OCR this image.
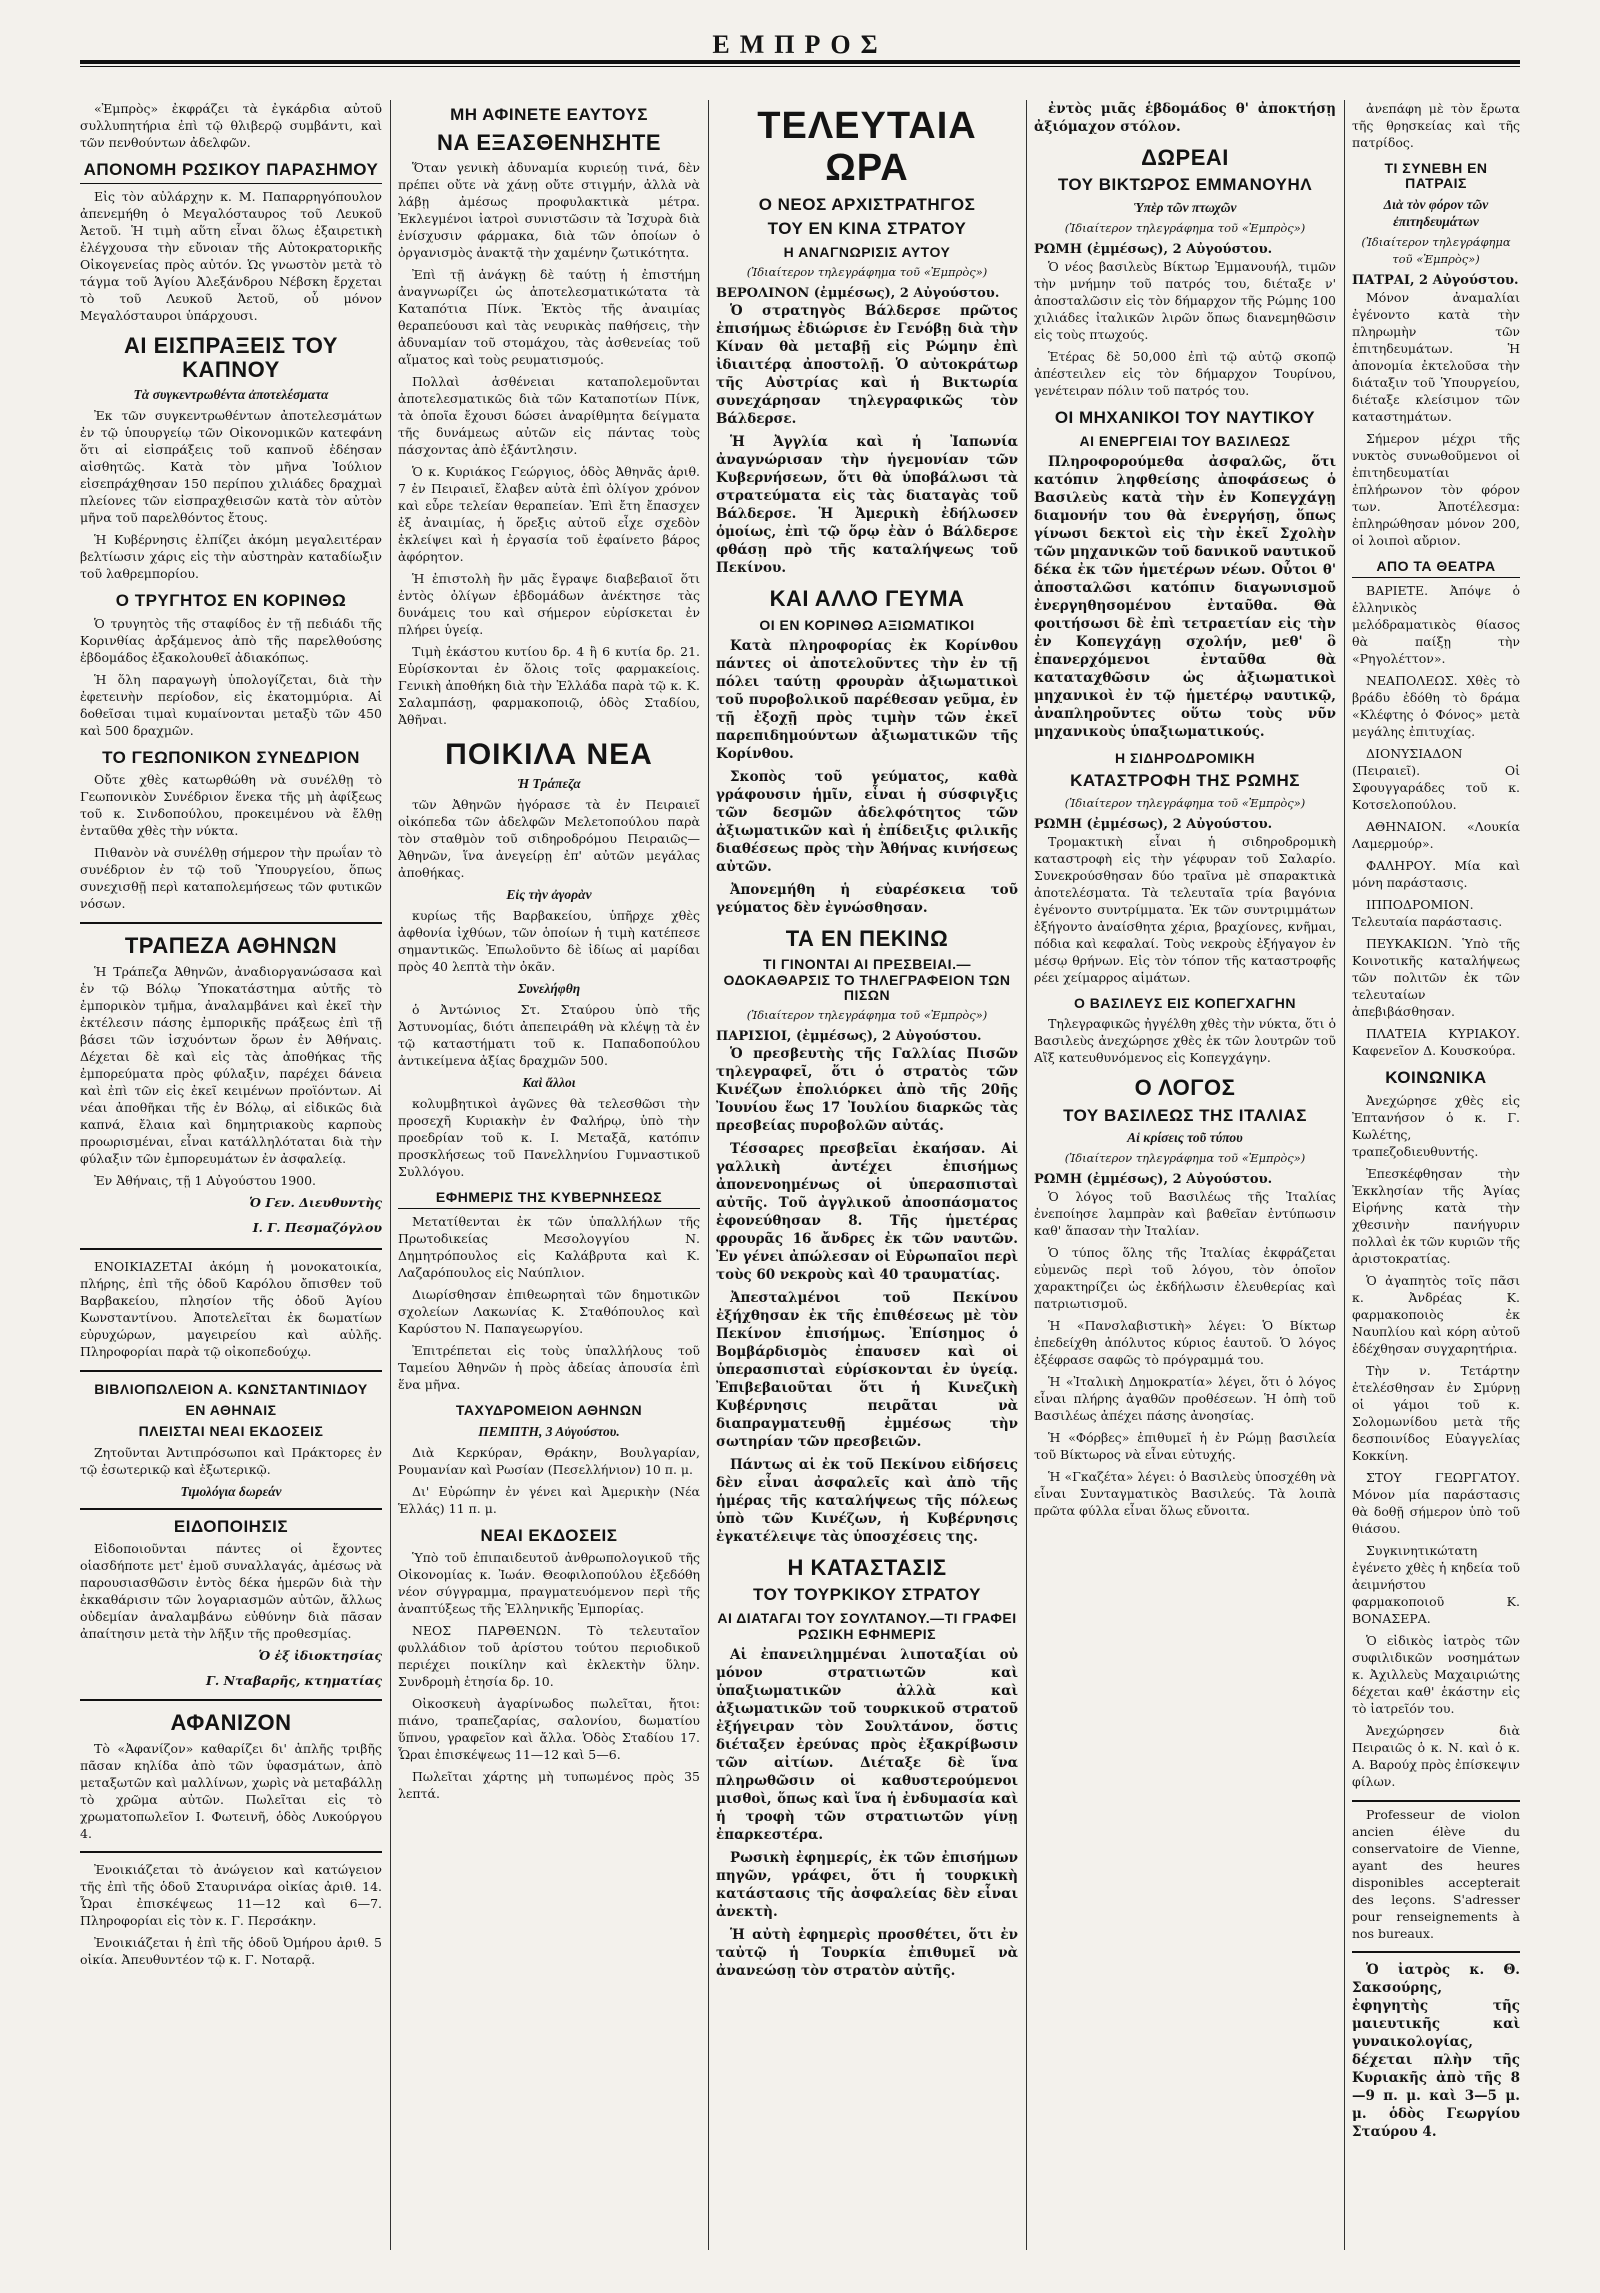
ΕΜΠΡΟΣ

«Ἐμπρὸς» ἐκφράζει τὰ ἐγκάρδια αὐτοῦ συλλυπητήρια ἐπὶ τῷ θλιβερῷ συμβάντι, καὶ τῶν πενθούντων ἀδελφῶν.

ΑΠΟΝΟΜΗ ΡΩΣΙΚΟΥ ΠΑΡΑΣΗΜΟΥ

Εἰς τὸν αὐλάρχην κ. Μ. Παπαρρηγόπουλον ἀπενεμήθη ὁ Μεγαλόσταυρος τοῦ Λευκοῦ Ἀετοῦ. Ἡ τιμὴ αὕτη εἶναι ὅλως ἐξαιρετικὴ ἐλέγχουσα τὴν εὔνοιαν τῆς Αὐτοκρατορικῆς Οἰκογενείας πρὸς αὐτόν. Ὡς γνωστὸν μετὰ τὸ τάγμα τοῦ Ἁγίου Ἀλεξάνδρου Νέβσκη ἔρχεται τὸ τοῦ Λευκοῦ Ἀετοῦ, οὗ μόνον Μεγαλόσταυροι ὑπάρχουσι.

ΑΙ ΕΙΣΠΡΑΞΕΙΣ ΤΟΥ ΚΑΠΝΟΥ
Τὰ συγκεντρωθέντα ἀποτελέσματα

Ἐκ τῶν συγκεντρωθέντων ἀποτελεσμάτων ἐν τῷ ὑπουργείῳ τῶν Οἰκονομικῶν κατεφάνη ὅτι αἱ εἰσπράξεις τοῦ καπνοῦ ἐδέησαν αἰσθητῶς. Κατὰ τὸν μῆνα Ἰούλιον εἰσεπράχθησαν 150 περίπου χιλιάδες δραχμαὶ πλείονες τῶν εἰσπραχθεισῶν κατὰ τὸν αὐτὸν μῆνα τοῦ παρελθόντος ἔτους.

Ἡ Κυβέρνησις ἐλπίζει ἀκόμη μεγαλειτέραν βελτίωσιν χάρις εἰς τὴν αὐστηρὰν καταδίωξιν τοῦ λαθρεμπορίου.

Ο ΤΡΥΓΗΤΟΣ ΕΝ ΚΟΡΙΝΘΩ

Ὁ τρυγητὸς τῆς σταφίδος ἐν τῇ πεδιάδι τῆς Κορινθίας ἀρξάμενος ἀπὸ τῆς παρελθούσης ἑβδομάδος ἐξακολουθεῖ ἀδιακόπως.

Ἡ ὅλη παραγωγὴ ὑπολογίζεται, διὰ τὴν ἐφετεινὴν περίοδον, εἰς ἑκατομμύρια. Αἱ δοθεῖσαι τιμαὶ κυμαίνονται μεταξὺ τῶν 450 καὶ 500 δραχμῶν.

ΤΟ ΓΕΩΠΟΝΙΚΟΝ ΣΥΝΕΔΡΙΟΝ

Οὔτε χθὲς κατωρθώθη νὰ συνέλθῃ τὸ Γεωπονικὸν Συνέδριον ἕνεκα τῆς μὴ ἀφίξεως τοῦ κ. Σινδοπούλου, προκειμένου νὰ ἔλθῃ ἐνταῦθα χθὲς τὴν νύκτα.

Πιθανὸν νὰ συνέλθῃ σήμερον τὴν πρωΐαν τὸ συνέδριον ἐν τῷ τοῦ Ὑπουργείου, ὅπως συνεχισθῇ περὶ καταπολεμήσεως τῶν φυτικῶν νόσων.

ΤΡΑΠΕΖΑ ΑΘΗΝΩΝ

Ἡ Τράπεζα Ἀθηνῶν, ἀναδιοργανώσασα καὶ ἐν τῷ Βόλῳ Ὑποκατάστημα αὐτῆς τὸ ἐμπορικὸν τμῆμα, ἀναλαμβάνει καὶ ἐκεῖ τὴν ἐκτέλεσιν πάσης ἐμπορικῆς πράξεως ἐπὶ τῇ βάσει τῶν ἰσχυόντων ὅρων ἐν Ἀθήναις. Δέχεται δὲ καὶ εἰς τὰς ἀποθήκας τῆς ἐμπορεύματα πρὸς φύλαξιν, παρέχει δάνεια καὶ ἐπὶ τῶν εἰς ἐκεῖ κειμένων προϊόντων. Αἱ νέαι ἀποθῆκαι τῆς ἐν Βόλῳ, αἱ εἰδικῶς διὰ καπνά, ἔλαια καὶ δημητριακοὺς καρποὺς προωρισμέναι, εἶναι κατάλληλόταται διὰ τὴν φύλαξιν τῶν ἐμπορευμάτων ἐν ἀσφαλείᾳ.

Ἐν Ἀθήναις, τῇ 1 Αὐγούστου 1900.

Ὁ Γεν. Διευθυντὴς
Ι. Γ. Πεσμαζόγλου

ΕΝΟΙΚΙΑΖΕΤΑΙ ἀκόμη ἡ μονοκατοικία, πλήρης, ἐπὶ τῆς ὁδοῦ Καρόλου ὄπισθεν τοῦ Βαρβακείου, πλησίον τῆς ὁδοῦ Ἁγίου Κωνσταντίνου. Ἀποτελεῖται ἐκ δωματίων εὐρυχώρων, μαγειρείου καὶ αὐλῆς. Πληροφορίαι παρὰ τῷ οἰκοπεδούχῳ.

ΒΙΒΛΙΟΠΩΛΕΙΟΝ Α. ΚΩΝΣΤΑΝΤΙΝΙΔΟΥ
ΕΝ ΑΘΗΝΑΙΣ
ΠΛΕΙΣΤΑΙ ΝΕΑΙ ΕΚΔΟΣΕΙΣ

Ζητοῦνται Ἀντιπρόσωποι καὶ Πράκτορες ἐν τῷ ἐσωτερικῷ καὶ ἐξωτερικῷ.

Τιμολόγια δωρεάν
ΕΙΔΟΠΟΙΗΣΙΣ

Εἰδοποιοῦνται πάντες οἱ ἔχοντες οἱασδήποτε μετ' ἐμοῦ συναλλαγάς, ἀμέσως νὰ παρουσιασθῶσιν ἐντὸς δέκα ἡμερῶν διὰ τὴν ἐκκαθάρισιν τῶν λογαριασμῶν αὐτῶν, ἄλλως οὐδεμίαν ἀναλαμβάνω εὐθύνην διὰ πᾶσαν ἀπαίτησιν μετὰ τὴν λῆξιν τῆς προθεσμίας.

Ὁ ἐξ ἰδιοκτησίας
Γ. Νταβαρῆς, κτηματίας
ΑΦΑΝΙΖΟΝ

Τὸ «Ἀφανίζον» καθαρίζει δι' ἀπλῆς τριβῆς πᾶσαν κηλίδα ἀπὸ τῶν ὑφασμάτων, ἀπὸ μεταξωτῶν καὶ μαλλίνων, χωρὶς νὰ μεταβάλλῃ τὸ χρῶμα αὐτῶν. Πωλεῖται εἰς τὸ χρωματοπωλεῖον Ι. Φωτεινῆ, ὁδὸς Λυκούργου 4.

Ἐνοικιάζεται τὸ ἀνώγειον καὶ κατώγειον τῆς ἐπὶ τῆς ὁδοῦ Σταυρινάρα οἰκίας ἀριθ. 14. Ὧραι ἐπισκέψεως 11—12 καὶ 6—7. Πληροφορίαι εἰς τὸν κ. Γ. Περσάκην.

Ἐνοικιάζεται ἡ ἐπὶ τῆς ὁδοῦ Ὀμήρου ἀριθ. 5 οἰκία. Ἀπευθυντέον τῷ κ. Γ. Νοταρᾷ.

ΜΗ ΑΦΙΝΕΤΕ ΕΑΥΤΟΥΣ
ΝΑ ΕΞΑΣΘΕΝΗΣΗΤΕ

Ὅταν γενικὴ ἀδυναμία κυριεύῃ τινά, δὲν πρέπει οὔτε νὰ χάνῃ οὔτε στιγμήν, ἀλλὰ νὰ λάβῃ ἀμέσως προφυλακτικὰ μέτρα. Ἐκλεγμένοι ἰατροὶ συνιστῶσιν τὰ Ἰσχυρὰ διὰ ἐνίσχυσιν φάρμακα, διὰ τῶν ὁποίων ὁ ὀργανισμὸς ἀνακτᾷ τὴν χαμένην ζωτικότητα.

Ἐπὶ τῇ ἀνάγκῃ δὲ ταύτῃ ἡ ἐπιστήμη ἀναγνωρίζει ὡς ἀποτελεσματικώτατα τὰ Καταπότια Πίνκ. Ἐκτὸς τῆς ἀναιμίας θεραπεύουσι καὶ τὰς νευρικὰς παθήσεις, τὴν ἀδυναμίαν τοῦ στομάχου, τὰς ἀσθενείας τοῦ αἵματος καὶ τοὺς ρευματισμούς.

Πολλαὶ ἀσθένειαι καταπολεμοῦνται ἀποτελεσματικῶς διὰ τῶν Καταποτίων Πίνκ, τὰ ὁποῖα ἔχουσι δώσει ἀναρίθμητα δείγματα τῆς δυνάμεως αὐτῶν εἰς πάντας τοὺς πάσχοντας ἀπὸ ἐξάντλησιν.

Ὁ κ. Κυριάκος Γεώργιος, ὁδὸς Ἀθηνᾶς ἀριθ. 7 ἐν Πειραιεῖ, ἔλαβεν αὐτὰ ἐπὶ ὀλίγον χρόνον καὶ εὗρε τελείαν θεραπείαν. Ἐπὶ ἔτη ἔπασχεν ἐξ ἀναιμίας, ἡ ὅρεξις αὐτοῦ εἶχε σχεδὸν ἐκλείψει καὶ ἡ ἐργασία τοῦ ἐφαίνετο βάρος ἀφόρητον.

Ἡ ἐπιστολὴ ἣν μᾶς ἔγραψε διαβεβαιοῖ ὅτι ἐντὸς ὀλίγων ἑβδομάδων ἀνέκτησε τὰς δυνάμεις του καὶ σήμερον εὑρίσκεται ἐν πλήρει ὑγείᾳ.

Τιμὴ ἑκάστου κυτίου δρ. 4 ἢ 6 κυτία δρ. 21. Εὑρίσκονται ἐν ὅλοις τοῖς φαρμακείοις. Γενικὴ ἀποθήκη διὰ τὴν Ἑλλάδα παρὰ τῷ κ. Κ. Σαλαμπάσῃ, φαρμακοποιῷ, ὁδὸς Σταδίου, Ἀθῆναι.

ΠΟΙΚΙΛΑ ΝΕΑ
Ἡ Τράπεζα

τῶν Ἀθηνῶν ἠγόρασε τὰ ἐν Πειραιεῖ οἰκόπεδα τῶν ἀδελφῶν Μελετοπούλου παρὰ τὸν σταθμὸν τοῦ σιδηροδρόμου Πειραιῶς—Ἀθηνῶν, ἵνα ἀνεγείρῃ ἐπ' αὐτῶν μεγάλας ἀποθήκας.

Εἰς τὴν ἀγορὰν

κυρίως τῆς Βαρβακείου, ὑπῆρχε χθὲς ἀφθονία ἰχθύων, τῶν ὁποίων ἡ τιμὴ κατέπεσε σημαντικῶς. Ἐπωλοῦντο δὲ ἰδίως αἱ μαρίδαι πρὸς 40 λεπτὰ τὴν ὀκᾶν.

Συνελήφθη

ὁ Ἀντώνιος Στ. Σταύρου ὑπὸ τῆς Ἀστυνομίας, διότι ἀπεπειράθη νὰ κλέψῃ τὰ ἐν τῷ καταστήματι τοῦ κ. Παπαδοπούλου ἀντικείμενα ἀξίας δραχμῶν 500.

Καὶ ἄλλοι

κολυμβητικοὶ ἀγῶνες θὰ τελεσθῶσι τὴν προσεχῆ Κυριακὴν ἐν Φαλήρῳ, ὑπὸ τὴν προεδρίαν τοῦ κ. Ι. Μεταξᾶ, κατόπιν προσκλήσεως τοῦ Πανελληνίου Γυμναστικοῦ Συλλόγου.

ΕΦΗΜΕΡΙΣ ΤΗΣ ΚΥΒΕΡΝΗΣΕΩΣ

Μετατίθενται ἐκ τῶν ὑπαλλήλων τῆς Πρωτοδικείας Μεσολογγίου Ν. Δημητρόπουλος εἰς Καλάβρυτα καὶ Κ. Λαζαρόπουλος εἰς Ναύπλιον.

Διωρίσθησαν ἐπιθεωρηταὶ τῶν δημοτικῶν σχολείων Λακωνίας Κ. Σταθόπουλος καὶ Καρύστου Ν. Παπαγεωργίου.

Ἐπιτρέπεται εἰς τοὺς ὑπαλλήλους τοῦ Ταμείου Ἀθηνῶν ἡ πρὸς ἀδείας ἀπουσία ἐπὶ ἕνα μῆνα.

ΤΑΧΥΔΡΟΜΕΙΟΝ ΑΘΗΝΩΝ
ΠΕΜΠΤΗ, 3 Αὐγούστου.

Διὰ Κερκύραν, Θράκην, Βουλγαρίαν, Ρουμανίαν καὶ Ρωσίαν (Πεσελλήνιον) 10 π. μ.

Δι' Εὐρώπην ἐν γένει καὶ Ἀμερικὴν (Νέα Ἑλλάς) 11 π. μ.

ΝΕΑΙ ΕΚΔΟΣΕΙΣ

Ὑπὸ τοῦ ἐπιπαιδευτοῦ ἀνθρωπολογικοῦ τῆς Οἰκονομίας κ. Ἰωάν. Θεοφιλοπούλου ἐξεδόθη νέον σύγγραμμα, πραγματευόμενον περὶ τῆς ἀναπτύξεως τῆς Ἑλληνικῆς Ἐμπορίας.

ΝΕΟΣ ΠΑΡΘΕΝΩΝ. Τὸ τελευταῖον φυλλάδιον τοῦ ἀρίστου τούτου περιοδικοῦ περιέχει ποικίλην καὶ ἐκλεκτὴν ὕλην. Συνδρομὴ ἐτησία δρ. 10.

Οἰκοσκευὴ ἀγαρίνωδος πωλεῖται, ἤτοι: πιάνο, τραπεζαρίας, σαλονίου, δωματίου ὕπνου, γραφεῖον καὶ ἄλλα. Ὁδὸς Σταδίου 17. Ὧραι ἐπισκέψεως 11—12 καὶ 5—6.

Πωλεῖται χάρτης μὴ τυπωμένος πρὸς 35 λεπτά.

ΤΕΛΕΥΤΑΙΑ ΩΡΑ
Ο ΝΕΟΣ ΑΡΧΙΣΤΡΑΤΗΓΟΣ
ΤΟΥ ΕΝ ΚΙΝΑ ΣΤΡΑΤΟΥ
Η ΑΝΑΓΝΩΡΙΣΙΣ ΑΥΤΟΥ
(Ἰδιαίτερον τηλεγράφημα τοῦ «Ἐμπρὸς»)
ΒΕΡΟΛΙΝΟΝ (ἐμμέσως), 2 Αὐγούστου.

Ὁ στρατηγὸς Βάλδερσε πρῶτος ἐπισήμως ἐδιώρισε ἐν Γενόβῃ διὰ τὴν Κίναν θὰ μεταβῇ εἰς Ρώμην ἐπὶ ἰδιαιτέρᾳ ἀποστολῇ. Ὁ αὐτοκράτωρ τῆς Αὐστρίας καὶ ἡ Βικτωρία συνεχάρησαν τηλεγραφικῶς τὸν Βάλδερσε.

Ἡ Ἀγγλία καὶ ἡ Ἰαπωνία ἀναγνώρισαν τὴν ἡγεμονίαν τῶν Κυβερνήσεων, ὅτι θὰ ὑποβάλωσι τὰ στρατεύματα εἰς τὰς διαταγὰς τοῦ Βάλδερσε. Ἡ Ἀμερικὴ ἐδήλωσεν ὁμοίως, ἐπὶ τῷ ὅρῳ ἐὰν ὁ Βάλδερσε φθάσῃ πρὸ τῆς καταλήψεως τοῦ Πεκίνου.

ΚΑΙ ΑΛΛΟ ΓΕΥΜΑ
ΟΙ ΕΝ ΚΟΡΙΝΘΩ ΑΞΙΩΜΑΤΙΚΟΙ

Κατὰ πληροφορίας ἐκ Κορίνθου πάντες οἱ ἀποτελοῦντες τὴν ἐν τῇ πόλει ταύτῃ φρουρὰν ἀξιωματικοὶ τοῦ πυροβολικοῦ παρέθεσαν γεῦμα, ἐν τῇ ἐξοχῇ πρὸς τιμὴν τῶν ἐκεῖ παρεπιδημούντων ἀξιωματικῶν τῆς Κορίνθου.

Σκοπὸς τοῦ γεύματος, καθὰ γράφουσιν ἡμῖν, εἶναι ἡ σύσφιγξις τῶν δεσμῶν ἀδελφότητος τῶν ἀξιωματικῶν καὶ ἡ ἐπίδειξις φιλικῆς διαθέσεως πρὸς τὴν Ἀθήνας κινήσεως αὐτῶν.

Ἀπονεμήθη ἡ εὐαρέσκεια τοῦ γεύματος δὲν ἐγνώσθησαν.

ΤΑ ΕΝ ΠΕΚΙΝΩ
ΤΙ ΓΙΝΟΝΤΑΙ ΑΙ ΠΡΕΣΒΕΙΑΙ.—ΟΔΟΚΑΘΑΡΣΙΣ ΤΟ ΤΗΛΕΓΡΑΦΕΙΟΝ ΤΩΝ ΠΙΣΩΝ
(Ἰδιαίτερον τηλεγράφημα τοῦ «Ἐμπρὸς»)
ΠΑΡΙΣΙΟΙ, (ἐμμέσως), 2 Αὐγούστου.

Ὁ πρεσβευτὴς τῆς Γαλλίας Πισῶν τηλεγραφεῖ, ὅτι ὁ στρατὸς τῶν Κινέζων ἐπολιόρκει ἀπὸ τῆς 20ῆς Ἰουνίου ἕως 17 Ἰουλίου διαρκῶς τὰς πρεσβείας πυροβολῶν αὐτάς.

Τέσσαρες πρεσβεῖαι ἐκαήσαν. Αἱ γαλλικὴ ἀντέχει ἐπισήμως ἀπονενοημένως οἱ ὑπερασπισταὶ αὐτῆς. Τοῦ ἀγγλικοῦ ἀποσπάσματος ἐφονεύθησαν 8. Τῆς ἡμετέρας φρουρᾶς 16 ἄνδρες ἐκ τῶν ναυτῶν. Ἐν γένει ἀπώλεσαν οἱ Εὐρωπαῖοι περὶ τοὺς 60 νεκροὺς καὶ 40 τραυματίας.

Ἀπεσταλμένοι τοῦ Πεκίνου ἐξήχθησαν ἐκ τῆς ἐπιθέσεως μὲ τὸν Πεκίνον ἐπισήμως. Ἐπίσημος ὁ Βομβάρδισμὸς ἐπαυσεν καὶ οἱ ὑπερασπισταὶ εὑρίσκονται ἐν ὑγείᾳ. Ἐπιβεβαιοῦται ὅτι ἡ Κινεζικὴ Κυβέρνησις πειρᾶται νὰ διαπραγματευθῇ ἐμμέσως τὴν σωτηρίαν τῶν πρεσβειῶν.

Πάντως αἱ ἐκ τοῦ Πεκίνου εἰδήσεις δὲν εἶναι ἀσφαλεῖς καὶ ἀπὸ τῆς ἡμέρας τῆς καταλήψεως τῆς πόλεως ὑπὸ τῶν Κινέζων, ἡ Κυβέρνησις ἐγκατέλειψε τὰς ὑποσχέσεις της.

Η ΚΑΤΑΣΤΑΣΙΣ
ΤΟΥ ΤΟΥΡΚΙΚΟΥ ΣΤΡΑΤΟΥ
ΑΙ ΔΙΑΤΑΓΑΙ ΤΟΥ ΣΟΥΛΤΑΝΟΥ.—ΤΙ ΓΡΑΦΕΙ ΡΩΣΙΚΗ ΕΦΗΜΕΡΙΣ

Αἱ ἐπανειλημμέναι λιποταξίαι οὐ μόνον στρατιωτῶν καὶ ὑπαξιωματικῶν ἀλλὰ καὶ ἀξιωματικῶν τοῦ τουρκικοῦ στρατοῦ ἐξήγειραν τὸν Σουλτάνον, ὅστις διέταξεν ἐρεύνας πρὸς ἐξακρίβωσιν τῶν αἰτίων. Διέταξε δὲ ἵνα πληρωθῶσιν οἱ καθυστερούμενοι μισθοὶ, ὅπως καὶ ἵνα ἡ ἐνδυμασία καὶ ἡ τροφὴ τῶν στρατιωτῶν γίνῃ ἐπαρκεστέρα.

Ρωσικὴ ἐφημερίς, ἐκ τῶν ἐπισήμων πηγῶν, γράφει, ὅτι ἡ τουρκικὴ κατάστασις τῆς ἀσφαλείας δὲν εἶναι ἀνεκτὴ.

Ἡ αὐτὴ ἐφημερὶς προσθέτει, ὅτι ἐν ταὐτῷ ἡ Τουρκία ἐπιθυμεῖ νὰ ἀνανεώσῃ τὸν στρατὸν αὐτῆς.

ἐντὸς μιᾶς ἑβδομάδος θ' ἀποκτήσῃ ἀξιόμαχον στόλον.

ΔΩΡΕΑΙ
ΤΟΥ ΒΙΚΤΩΡΟΣ ΕΜΜΑΝΟΥΗΛ
Ὑπὲρ τῶν πτωχῶν
(Ἰδιαίτερον τηλεγράφημα τοῦ «Ἐμπρὸς»)
ΡΩΜΗ (ἐμμέσως), 2 Αὐγούστου.

Ὁ νέος βασιλεὺς Βίκτωρ Ἐμμανουήλ, τιμῶν τὴν μνήμην τοῦ πατρός του, διέταξε ν' ἀποσταλῶσιν εἰς τὸν δήμαρχον τῆς Ρώμης 100 χιλιάδες ἰταλικῶν λιρῶν ὅπως διανεμηθῶσιν εἰς τοὺς πτωχούς.

Ἑτέρας δὲ 50,000 ἐπὶ τῷ αὐτῷ σκοπῷ ἀπέστειλεν εἰς τὸν δήμαρχον Τουρίνου, γενέτειραν πόλιν τοῦ πατρός του.

ΟΙ ΜΗΧΑΝΙΚΟΙ ΤΟΥ ΝΑΥΤΙΚΟΥ
ΑΙ ΕΝΕΡΓΕΙΑΙ ΤΟΥ ΒΑΣΙΛΕΩΣ

Πληροφορούμεθα ἀσφαλῶς, ὅτι κατόπιν ληφθείσης ἀποφάσεως ὁ Βασιλεὺς κατὰ τὴν ἐν Κοπεγχάγῃ διαμονήν του θὰ ἐνεργήσῃ, ὅπως γίνωσι δεκτοὶ εἰς τὴν ἐκεῖ Σχολὴν τῶν μηχανικῶν τοῦ δανικοῦ ναυτικοῦ δέκα ἐκ τῶν ἡμετέρων νέων. Οὗτοι θ' ἀποσταλῶσι κατόπιν διαγωνισμοῦ ἐνεργηθησομένου ἐνταῦθα. Θὰ φοιτήσωσι δὲ ἐπὶ τετραετίαν εἰς τὴν ἐν Κοπεγχάγῃ σχολήν, μεθ' ὃ ἐπανερχόμενοι ἐνταῦθα θὰ καταταχθῶσιν ὡς ἀξιωματικοὶ μηχανικοὶ ἐν τῷ ἡμετέρῳ ναυτικῷ, ἀναπληροῦντες οὕτω τοὺς νῦν μηχανικοὺς ὑπαξιωματικούς.

Η ΣΙΔΗΡΟΔΡΟΜΙΚΗ
ΚΑΤΑΣΤΡΟΦΗ ΤΗΣ ΡΩΜΗΣ
(Ἰδιαίτερον τηλεγράφημα τοῦ «Ἐμπρὸς»)
ΡΩΜΗ (ἐμμέσως), 2 Αὐγούστου.

Τρομακτικὴ εἶναι ἡ σιδηροδρομικὴ καταστροφὴ εἰς τὴν γέφυραν τοῦ Σαλαρίο. Συνεκρούσθησαν δύο τραῖνα μὲ σπαρακτικὰ ἀποτελέσματα. Τὰ τελευταῖα τρία βαγόνια ἐγένοντο συντρίμματα. Ἐκ τῶν συντριμμάτων ἐξήγοντο ἀναίσθητα χέρια, βραχίονες, κνῆμαι, πόδια καὶ κεφαλαί. Τοὺς νεκροὺς ἐξήγαγον ἐν μέσῳ θρήνων. Εἰς τὸν τόπον τῆς καταστροφῆς ρέει χείμαρρος αἱμάτων.

Ο ΒΑΣΙΛΕΥΣ ΕΙΣ ΚΟΠΕΓΧΑΓΗΝ

Τηλεγραφικῶς ἠγγέλθη χθὲς τὴν νύκτα, ὅτι ὁ Βασιλεὺς ἀνεχώρησε χθὲς ἐκ τῶν λουτρῶν τοῦ Αἲξ κατευθυνόμενος εἰς Κοπεγχάγην.

Ο ΛΟΓΟΣ
ΤΟΥ ΒΑΣΙΛΕΩΣ ΤΗΣ ΙΤΑΛΙΑΣ
Αἱ κρίσεις τοῦ τύπου
(Ἰδιαίτερον τηλεγράφημα τοῦ «Ἐμπρὸς»)
ΡΩΜΗ (ἐμμέσως), 2 Αὐγούστου.

Ὁ λόγος τοῦ Βασιλέως τῆς Ἰταλίας ἐνεποίησε λαμπρὰν καὶ βαθεῖαν ἐντύπωσιν καθ' ἅπασαν τὴν Ἰταλίαν.

Ὁ τύπος ὅλης τῆς Ἰταλίας ἐκφράζεται εὐμενῶς περὶ τοῦ λόγου, τὸν ὁποῖον χαρακτηρίζει ὡς ἐκδήλωσιν ἐλευθερίας καὶ πατριωτισμοῦ.

Ἡ «Πανσλαβιστικὴ» λέγει: Ὁ Βίκτωρ ἐπεδείχθη ἀπόλυτος κύριος ἑαυτοῦ. Ὁ λόγος ἐξέφρασε σαφῶς τὸ πρόγραμμά του.

Ἡ «Ἰταλικὴ Δημοκρατία» λέγει, ὅτι ὁ λόγος εἶναι πλήρης ἀγαθῶν προθέσεων. Ἡ ὁπὴ τοῦ Βασιλέως ἀπέχει πάσης ἀνοησίας.

Ἡ «Φόρβες» ἐπιθυμεῖ ἡ ἐν Ρώμῃ βασιλεία τοῦ Βίκτωρος νὰ εἶναι εὐτυχής.

Ἡ «Γκαζέτα» λέγει: ὁ Βασιλεὺς ὑποσχέθη νὰ εἶναι Συνταγματικὸς Βασιλεύς. Τὰ λοιπὰ πρῶτα φύλλα εἶναι ὅλως εὔνοιτα.

ἀνεπάφη μὲ τὸν ἔρωτα τῆς θρησκείας καὶ τῆς πατρίδος.

ΤΙ ΣΥΝΕΒΗ ΕΝ ΠΑΤΡΑΙΣ
Διὰ τὸν φόρον τῶν ἐπιτηδευμάτων
(Ἰδιαίτερον τηλεγράφημα τοῦ «Ἐμπρὸς»)
ΠΑΤΡΑΙ, 2 Αὐγούστου.

Μόνον ἀναμαλίαι ἐγένοντο κατὰ τὴν πληρωμὴν τῶν ἐπιτηδευμάτων. Ἡ ἀπονομία ἐκτελοῦσα τὴν διάταξιν τοῦ Ὑπουργείου, διέταξε κλείσιμον τῶν καταστημάτων.

Σήμερον μέχρι τῆς νυκτὸς συνωθοῦμενοι οἱ ἐπιτηδευματίαι ἐπλήρωνον τὸν φόρον των. Ἀποτέλεσμα: ἐπληρώθησαν μόνον 200, οἱ λοιποὶ αὔριον.

ΑΠΟ ΤΑ ΘΕΑΤΡΑ

ΒΑΡΙΕΤΕ. Ἀπόψε ὁ ἑλληνικὸς μελόδραματικὸς θίασος θὰ παίξῃ τὴν «Ρηγολέττον».

ΝΕΑΠΟΛΕΩΣ. Χθὲς τὸ βράδυ ἐδόθη τὸ δράμα «Κλέφτης ὁ Φόνος» μετὰ μεγάλης ἐπιτυχίας.

ΔΙΟΝΥΣΙΑΔΟΝ (Πειραιεῖ). Οἱ Σφουγγαράδες τοῦ κ. Κοτσελοπούλου.

ΑΘΗΝΑΙΟΝ. «Λουκία Λαμερμούρ».

ΦΑΛΗΡΟΥ. Μία καὶ μόνη παράστασις.

ΙΠΠΟΔΡΟΜΙΟΝ. Τελευταία παράστασις.

ΠΕΥΚΑΚΙΩΝ. Ὑπὸ τῆς Κοινοτικῆς καταλήψεως τῶν πολιτῶν ἐκ τῶν τελευταίων ἀπεβιβάσθησαν.

ΠΛΑΤΕΙΑ ΚΥΡΙΑΚΟΥ. Καφενεῖον Δ. Κουσκούρα.

ΚΟΙΝΩΝΙΚΑ

Ἀνεχώρησε χθὲς εἰς Ἐπτανήσον ὁ κ. Γ. Κωλέτης, τραπεζοδιευθυντής.

Ἐπεσκέφθησαν τὴν Ἐκκλησίαν τῆς Ἁγίας Εἰρήνης κατὰ τὴν χθεσινὴν πανήγυριν πολλαὶ ἐκ τῶν κυριῶν τῆς ἀριστοκρατίας.

Ὁ ἀγαπητὸς τοῖς πᾶσι κ. Ἀνδρέας Κ. φαρμακοποιὸς ἐκ Ναυπλίου καὶ κόρη αὐτοῦ ἐδέχθησαν συγχαρητήρια.

Τὴν ν. Τετάρτην ἐτελέσθησαν ἐν Σμύρνῃ οἱ γάμοι τοῦ κ. Σολομωνίδου μετὰ τῆς δεσποινίδος Εὐαγγελίας Κοκκίνη.

ΣΤΟΥ ΓΕΩΡΓΑΤΟΥ. Μόνον μία παράστασις θὰ δοθῇ σήμερον ὑπὸ τοῦ θιάσου.

Συγκινητικώτατη ἐγένετο χθὲς ἡ κηδεία τοῦ ἀειμνήστου φαρμακοποιοῦ Κ. ΒΟΝΑΣΕΡΑ.

Ὁ εἰδικὸς ἰατρὸς τῶν συφιλιδικῶν νοσημάτων κ. Ἀχιλλεὺς Μαχαιριώτης δέχεται καθ' ἑκάστην εἰς τὸ ἰατρεῖόν του.

Ἀνεχώρησεν διὰ Πειραιῶς ὁ κ. Ν. καὶ ὁ κ. Α. Βαρούχ πρὸς ἐπίσκεψιν φίλων.

Professeur de violon ancien élève du conservatoire de Vienne, ayant des heures disponibles accepterait des leçons. S'adresser pour renseignements à nos bureaux.

Ὁ ἰατρὸς κ. Θ. Σακσούρης, ἐφηγητὴς τῆς μαιευτικῆς καὶ γυναικολογίας, δέχεται πλὴν τῆς Κυριακῆς ἀπὸ τῆς 8—9 π. μ. καὶ 3—5 μ. μ. ὁδὸς Γεωργίου Σταύρου 4.
